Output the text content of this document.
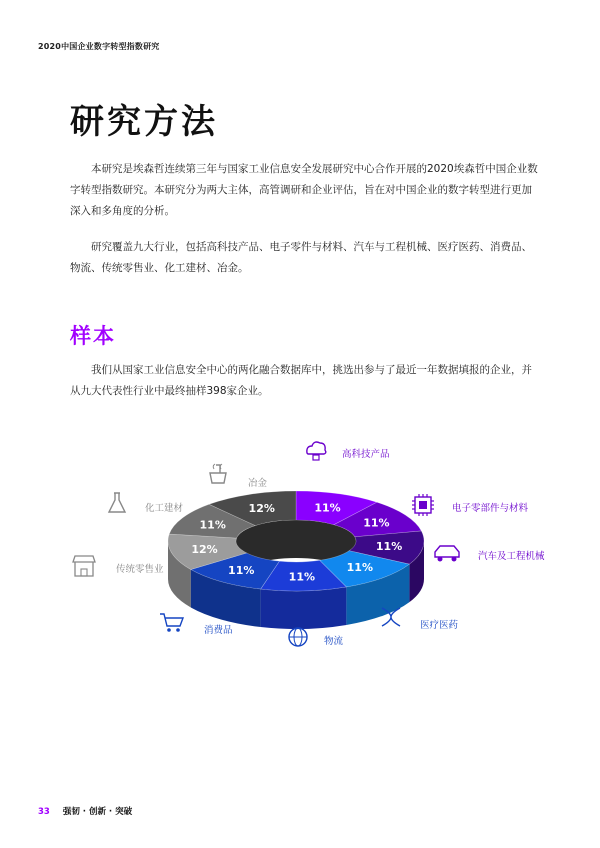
2020中国企业数字转型指数研究
研究方法

本研究是埃森哲连续第三年与国家工业信息安全发展研究中心合作开展的2020埃森哲中国企业数字转型指数研究。本研究分为两大主体，高管调研和企业评估，旨在对中国企业的数字转型进行更加深入和多角度的分析。

研究覆盖九大行业，包括高科技产品、电子零件与材料、汽车与工程机械、医疗医药、消费品、物流、传统零售业、化工建材、冶金。

样本

我们从国家工业信息安全中心的两化融合数据库中，挑选出参与了最近一年数据填报的企业，并从九大代表性行业中最终抽样398家企业。

11%
11%
11%
11%
11%
11%
12%
11%
12%
高科技产品
电子零部件与材料
汽车及工程机械
医疗医药
物流
消费品
传统零售业
化工建材
冶金
33 强韧 · 创新 · 突破
